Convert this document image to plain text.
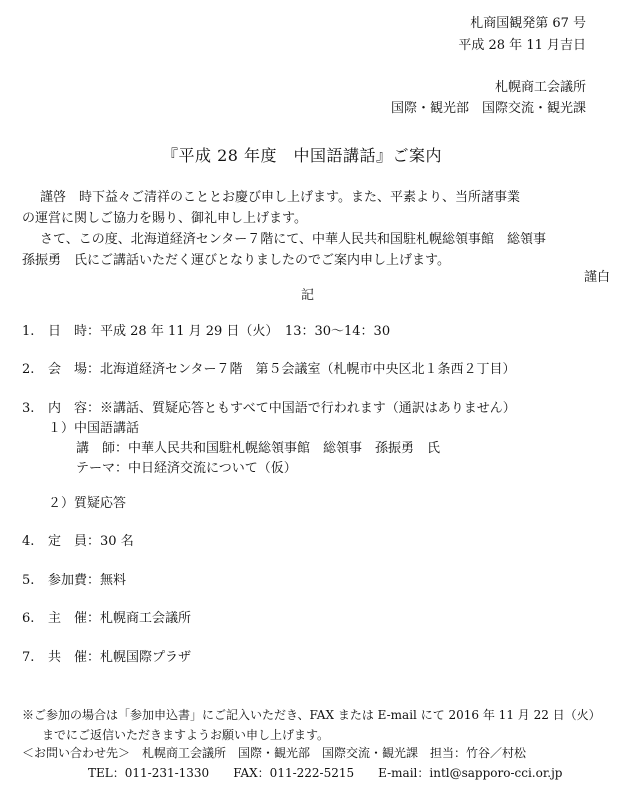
札商国観発第 67 号
平成 28 年 11 月吉日
札幌商工会議所
国際・観光部　国際交流・観光課
『平成 28 年度　中国語講話』ご案内
謹啓　時下益々ご清祥のこととお慶び申し上げます。また、平素より、当所諸事業
の運営に関しご協力を賜り、御礼申し上げます。
さて、この度、北海道経済センター７階にて、中華人民共和国駐札幌総領事館　総領事
孫振勇　氏にご講話いただく運びとなりましたのでご案内申し上げます。
謹白
記
1. 日　時：平成 28 年 11 月 29 日（火）　13：30～14：30
2. 会　場：北海道経済センター７階　第５会議室（札幌市中央区北１条西２丁目）
3. 内　容：※講話、質疑応答ともすべて中国語で行われます（通訳はありません）
１）中国語講話
講　師：中華人民共和国駐札幌総領事館　総領事　孫振勇　氏
テーマ：中日経済交流について（仮）
２）質疑応答
4. 定　員：30 名
5. 参加費：無料
6. 主　催：札幌商工会議所
7. 共　催：札幌国際プラザ
※ご参加の場合は「参加申込書」にご記入いただき、FAX または E-mail にて 2016 年 11 月 22 日（火）
までにご返信いただきますようお願い申し上げます。
＜お問い合わせ先＞　札幌商工会議所　国際・観光部　国際交流・観光課　担当：竹谷／村松
TEL：011-231-1330　　FAX：011-222-5215　　E-mail：intl@sapporo-cci.or.jp
